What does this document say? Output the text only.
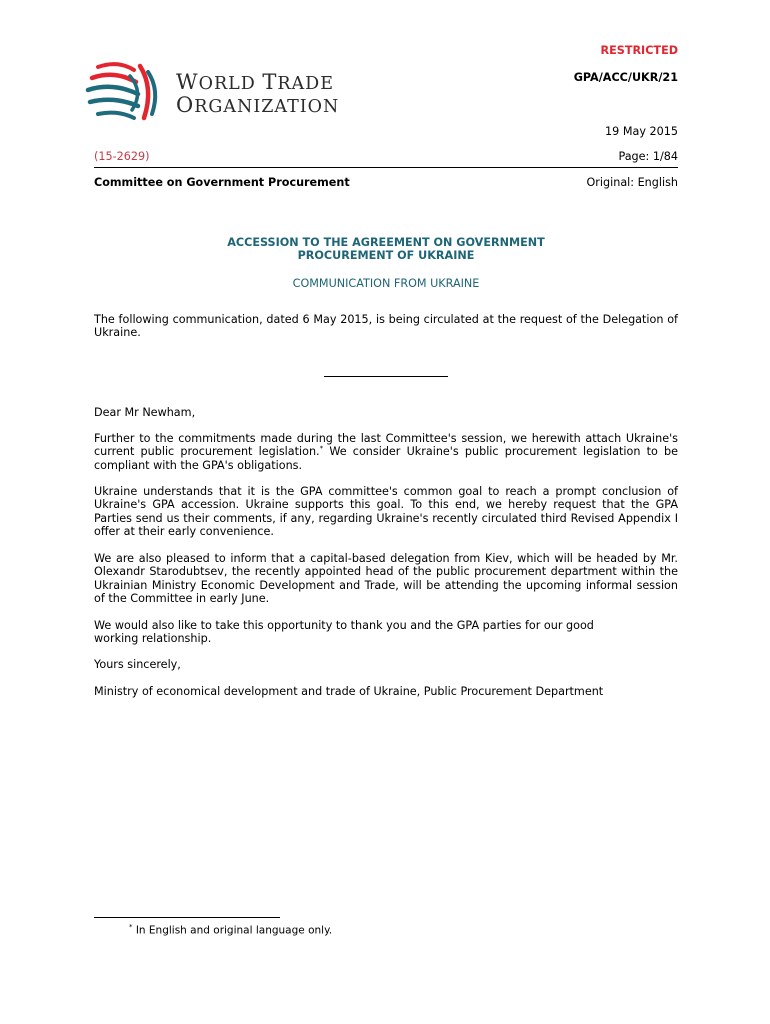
WORLD TRADE
ORGANIZATION
RESTRICTED
GPA/ACC/UKR/21
19 May 2015
(15-2629)	Page: 1/84
Committee on Government Procurement	Original: English
ACCESSION TO THE AGREEMENT ON GOVERNMENT
PROCUREMENT OF UKRAINE
COMMUNICATION FROM UKRAINE
The following communication, dated 6 May 2015, is being circulated at the request of the Delegation of Ukraine.
Dear Mr Newham,
Further to the commitments made during the last Committee's session, we herewith attach Ukraine's current public procurement legislation.* We consider Ukraine's public procurement legislation to be compliant with the GPA's obligations.
Ukraine understands that it is the GPA committee's common goal to reach a prompt conclusion of Ukraine's GPA accession. Ukraine supports this goal. To this end, we hereby request that the GPA Parties send us their comments, if any, regarding Ukraine's recently circulated third Revised Appendix I offer at their early convenience.
We are also pleased to inform that a capital-based delegation from Kiev, which will be headed by Mr. Olexandr Starodubtsev, the recently appointed head of the public procurement department within the Ukrainian Ministry Economic Development and Trade, will be attending the upcoming informal session of the Committee in early June.
We would also like to take this opportunity to thank you and the GPA parties for our good
working relationship.
Yours sincerely,
Ministry of economical development and trade of Ukraine, Public Procurement Department
* In English and original language only.
